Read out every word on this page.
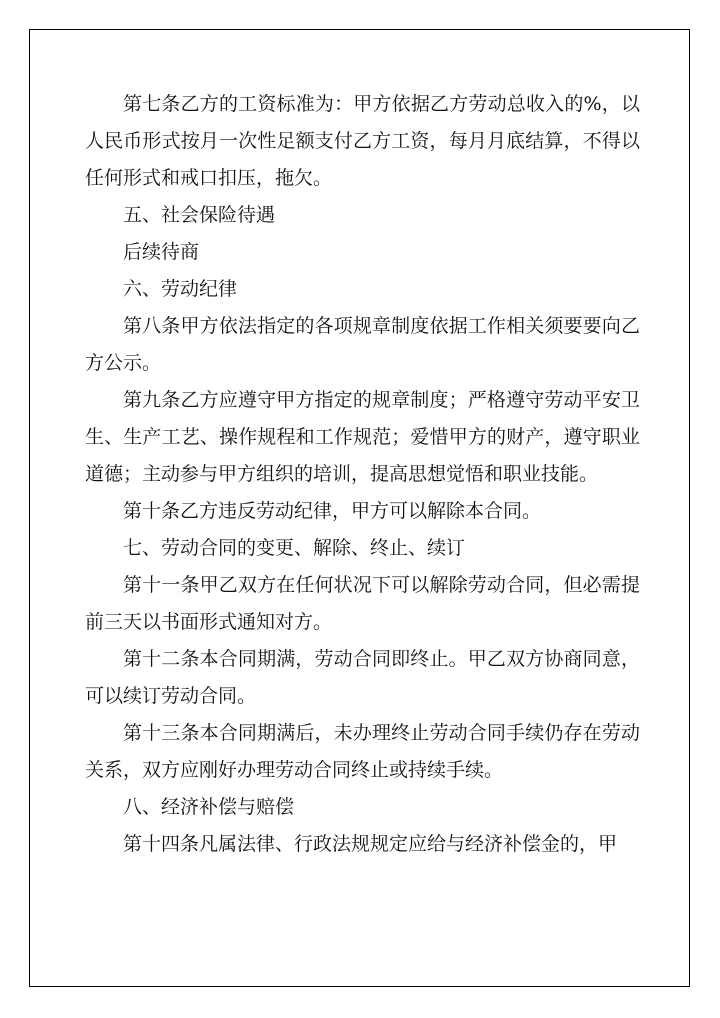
第七条乙方的工资标准为：甲方依据乙方劳动总收入的%，以人民币形式按月一次性足额支付乙方工资，每月月底结算，不得以任何形式和戒口扣压，拖欠。

五、社会保险待遇

后续待商

六、劳动纪律

第八条甲方依法指定的各项规章制度依据工作相关须要要向乙方公示。

第九条乙方应遵守甲方指定的规章制度；严格遵守劳动平安卫生、生产工艺、操作规程和工作规范；爱惜甲方的财产，遵守职业道德；主动参与甲方组织的培训，提高思想觉悟和职业技能。

第十条乙方违反劳动纪律，甲方可以解除本合同。

七、劳动合同的变更、解除、终止、续订

第十一条甲乙双方在任何状况下可以解除劳动合同，但必需提前三天以书面形式通知对方。

第十二条本合同期满，劳动合同即终止。甲乙双方协商同意，可以续订劳动合同。

第十三条本合同期满后，未办理终止劳动合同手续仍存在劳动关系，双方应刚好办理劳动合同终止或持续手续。

八、经济补偿与赔偿

第十四条凡属法律、行政法规规定应给与经济补偿金的，甲
